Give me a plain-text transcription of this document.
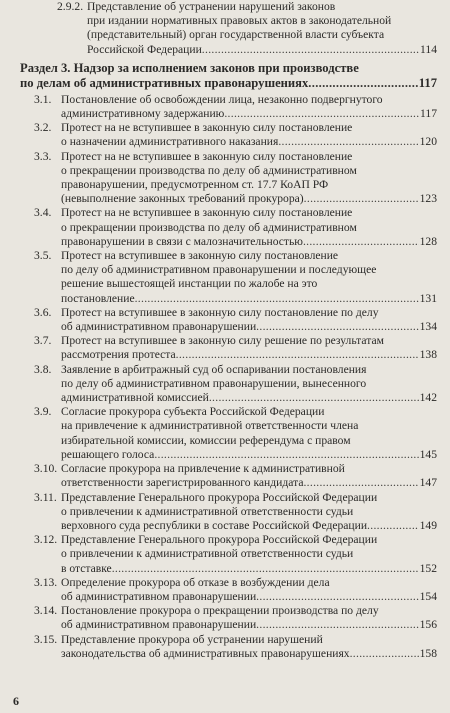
2.9.2. Представление об устранении нарушений законов
при издании нормативных правовых актов в законодательной
(представительный) орган государственной власти субъекта
Российской Федерации .....	114
Раздел 3. Надзор за исполнением законов при производстве
по делам об административных правонарушениях .....	117
3.1. Постановление об освобождении лица, незаконно подвергнутого
административному задержанию .....	117
3.2. Протест на не вступившее в законную силу постановление
о назначении административного наказания .....	120
3.3. Протест на не вступившее в законную силу постановление
о прекращении производства по делу об административном
правонарушении, предусмотренном ст. 17.7 КоАП РФ
(невыполнение законных требований прокурора) .....	123
3.4. Протест на не вступившее в законную силу постановление
о прекращении производства по делу об административном
правонарушении в связи с малозначительностью .....	128
3.5. Протест на вступившее в законную силу постановление
по делу об административном правонарушении и последующее
решение вышестоящей инстанции по жалобе на это
постановление .....	131
3.6. Протест на вступившее в законную силу постановление по делу
об административном правонарушении .....	134
3.7. Протест на вступившее в законную силу решение по результатам
рассмотрения протеста .....	138
3.8. Заявление в арбитражный суд об оспаривании постановления
по делу об административном правонарушении, вынесенного
административной комиссией .....	142
3.9. Согласие прокурора субъекта Российской Федерации
на привлечение к административной ответственности члена
избирательной комиссии, комиссии референдума с правом
решающего голоса .....	145
3.10. Согласие прокурора на привлечение к административной
ответственности зарегистрированного кандидата .....	147
3.11. Представление Генерального прокурора Российской Федерации
о привлечении к административной ответственности судьи
верховного суда республики в составе Российской Федерации .....	149
3.12. Представление Генерального прокурора Российской Федерации
о привлечении к административной ответственности судьи
в отставке .....	152
3.13. Определение прокурора об отказе в возбуждении дела
об административном правонарушении .....	154
3.14. Постановление прокурора о прекращении производства по делу
об административном правонарушении .....	156
3.15. Представление прокурора об устранении нарушений
законодательства об административных правонарушениях .....	158
6
